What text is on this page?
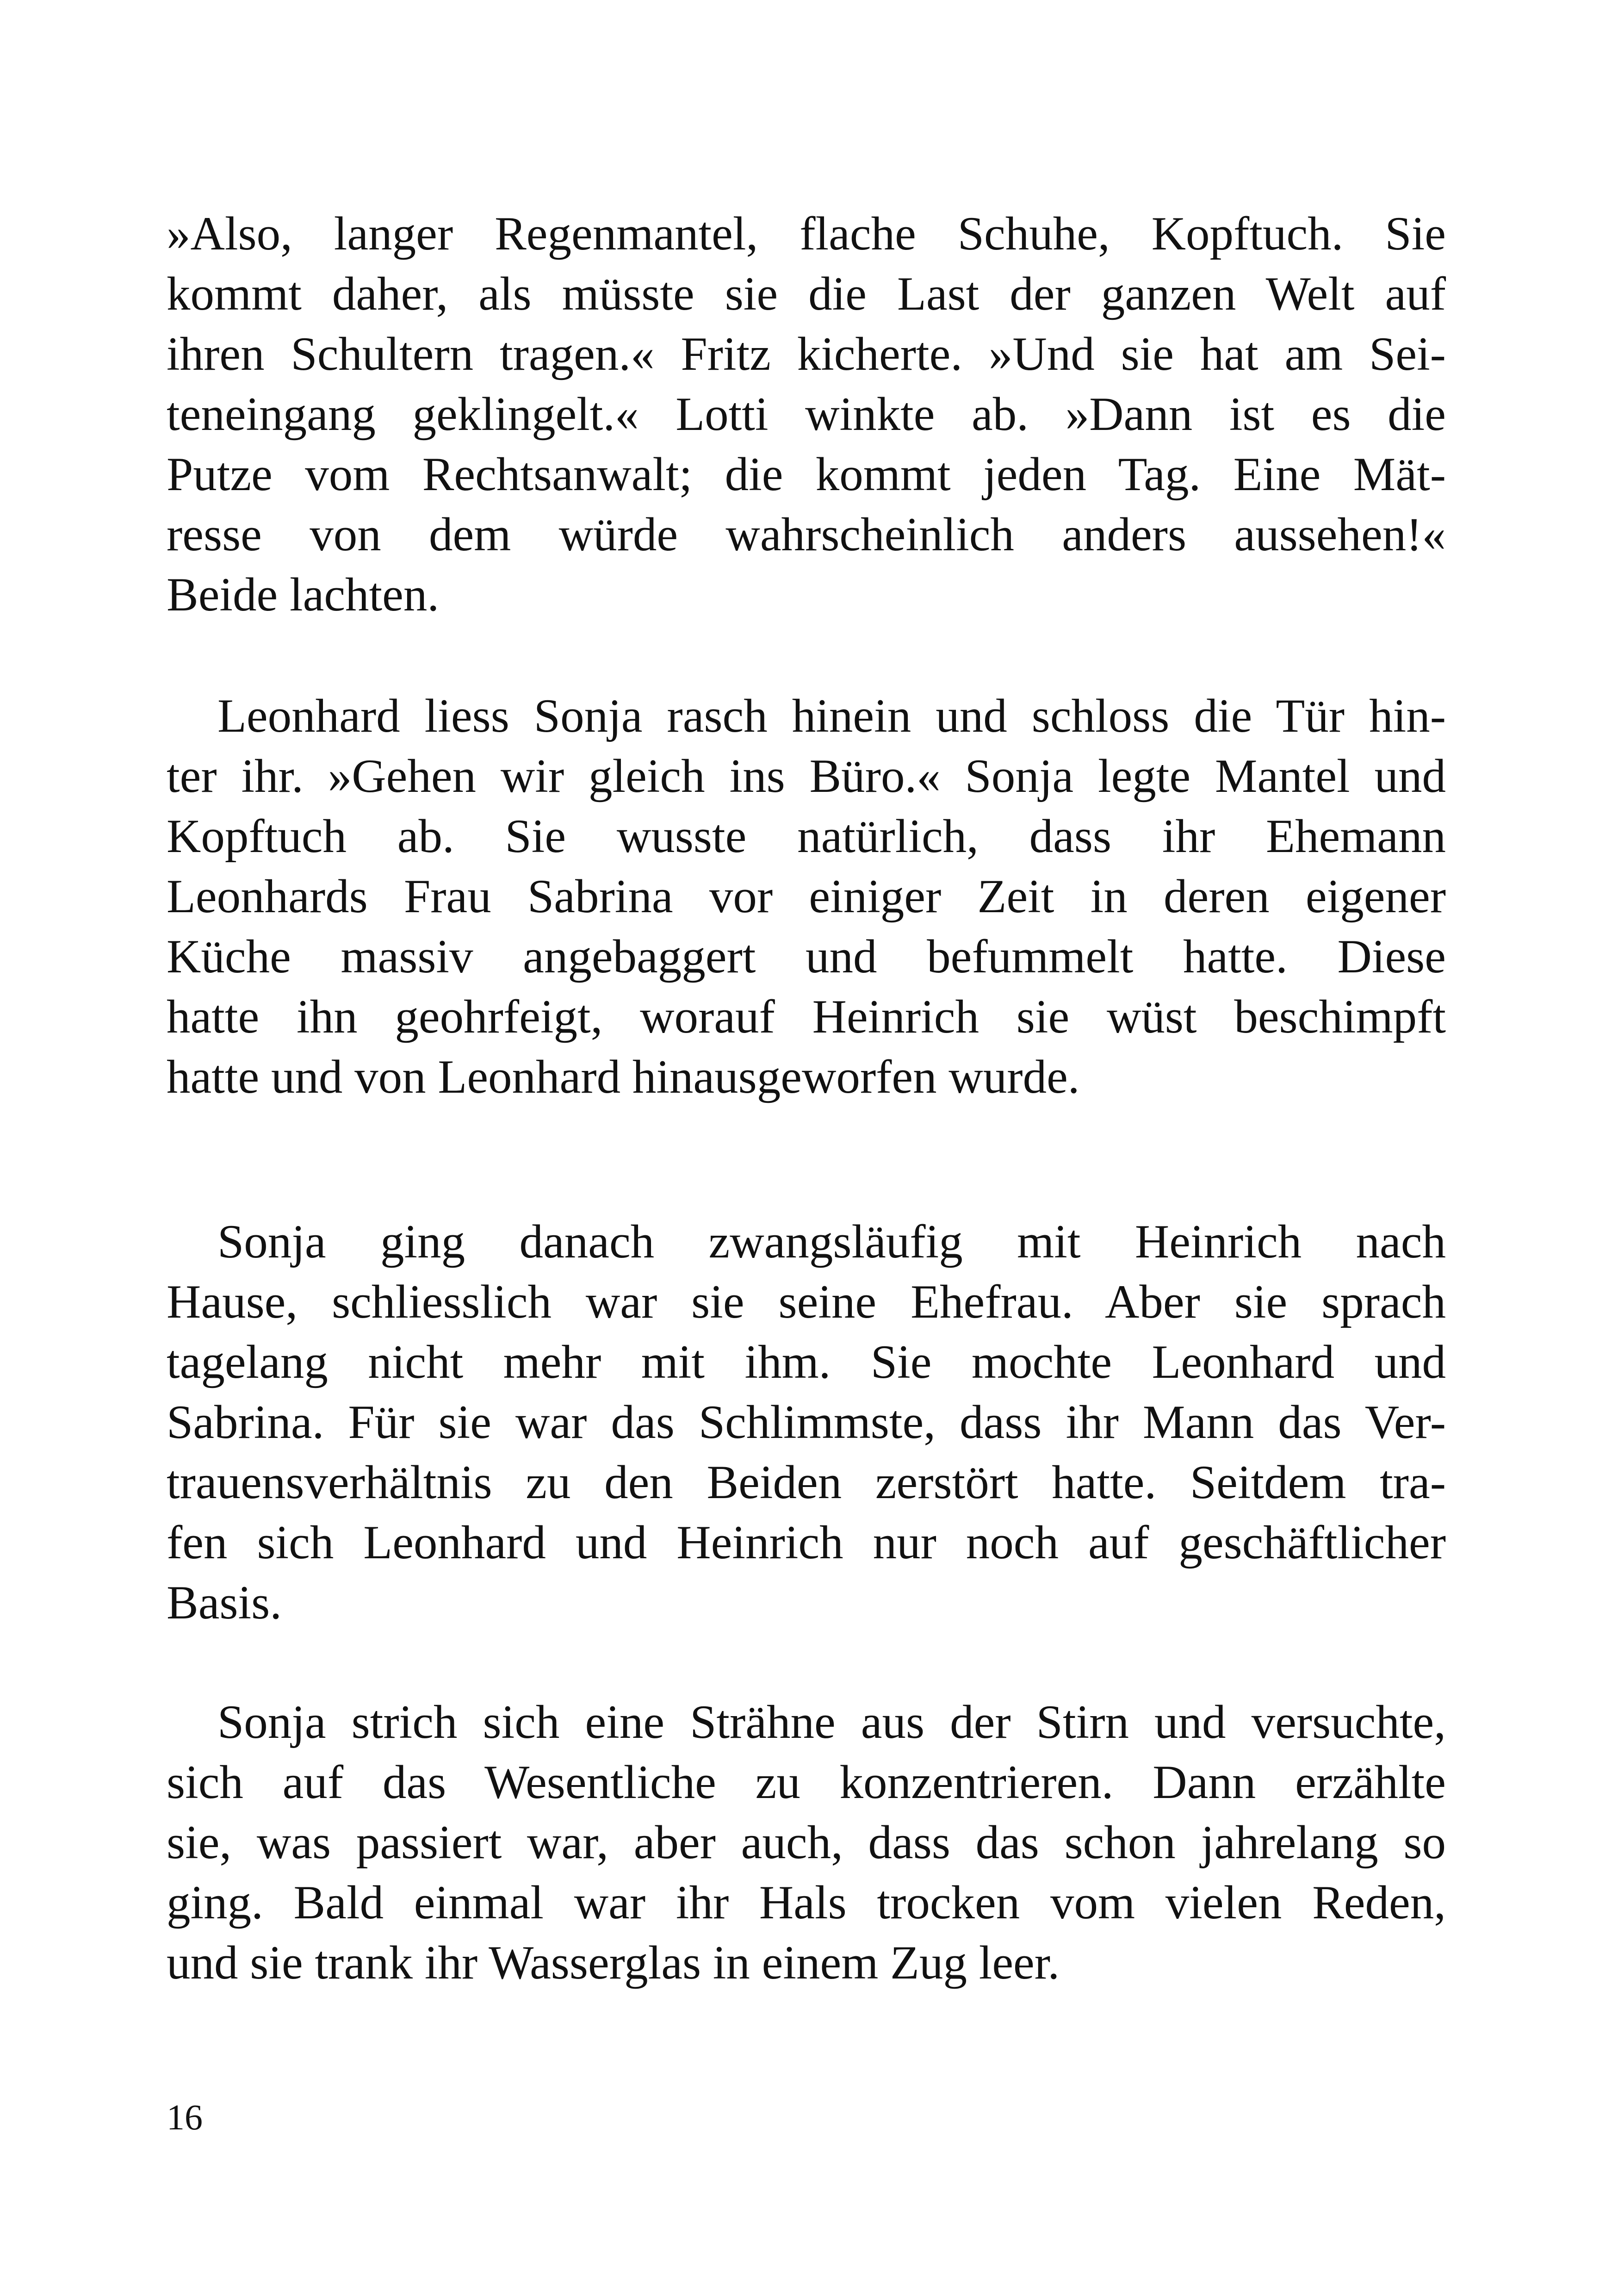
»Also, langer Regenmantel, flache Schuhe, Kopftuch. Sie
kommt daher, als müsste sie die Last der ganzen Welt auf
ihren Schultern tragen.« Fritz kicherte. »Und sie hat am Sei-
teneingang geklingelt.« Lotti winkte ab. »Dann ist es die
Putze vom Rechtsanwalt; die kommt jeden Tag. Eine Mät-
resse von dem würde wahrscheinlich anders aussehen!«
Beide lachten.
Leonhard liess Sonja rasch hinein und schloss die Tür hin-
ter ihr. »Gehen wir gleich ins Büro.« Sonja legte Mantel und
Kopftuch ab. Sie wusste natürlich, dass ihr Ehemann
Leonhards Frau Sabrina vor einiger Zeit in deren eigener
Küche massiv angebaggert und befummelt hatte. Diese
hatte ihn geohrfeigt, worauf Heinrich sie wüst beschimpft
hatte und von Leonhard hinausgeworfen wurde.
Sonja ging danach zwangsläufig mit Heinrich nach
Hause, schliesslich war sie seine Ehefrau. Aber sie sprach
tagelang nicht mehr mit ihm. Sie mochte Leonhard und
Sabrina. Für sie war das Schlimmste, dass ihr Mann das Ver-
trauensverhältnis zu den Beiden zerstört hatte. Seitdem tra-
fen sich Leonhard und Heinrich nur noch auf geschäftlicher
Basis.
Sonja strich sich eine Strähne aus der Stirn und versuchte,
sich auf das Wesentliche zu konzentrieren. Dann erzählte
sie, was passiert war, aber auch, dass das schon jahrelang so
ging. Bald einmal war ihr Hals trocken vom vielen Reden,
und sie trank ihr Wasserglas in einem Zug leer.
16
